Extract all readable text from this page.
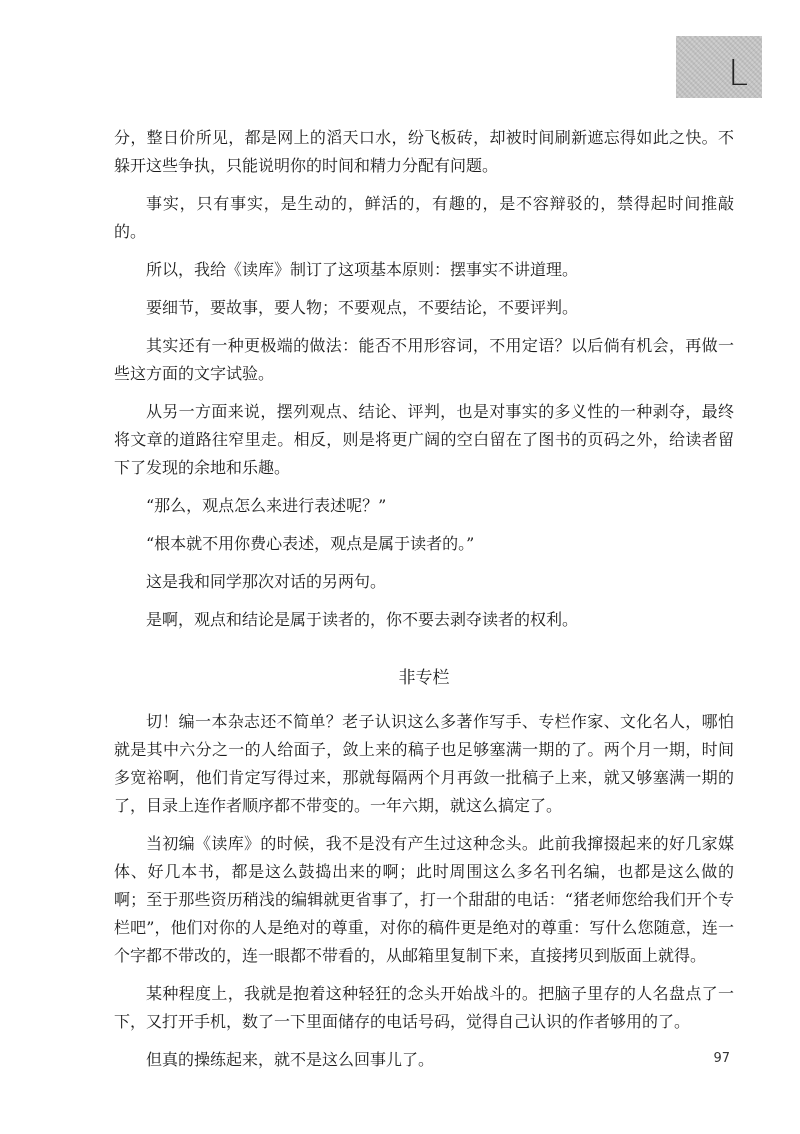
L

分，整日价所见，都是网上的滔天口水，纷飞板砖，却被时间刷新遮忘得如此之快。不躲开这些争执，只能说明你的时间和精力分配有问题。

事实，只有事实，是生动的，鲜活的，有趣的，是不容辩驳的，禁得起时间推敲的。

所以，我给《读库》制订了这项基本原则：摆事实不讲道理。

要细节，要故事，要人物；不要观点，不要结论，不要评判。

其实还有一种更极端的做法：能否不用形容词，不用定语？以后倘有机会，再做一些这方面的文字试验。

从另一方面来说，摆列观点、结论、评判，也是对事实的多义性的一种剥夺，最终将文章的道路往窄里走。相反，则是将更广阔的空白留在了图书的页码之外，给读者留下了发现的余地和乐趣。

“那么，观点怎么来进行表述呢？”

“根本就不用你费心表述，观点是属于读者的。”

这是我和同学那次对话的另两句。

是啊，观点和结论是属于读者的，你不要去剥夺读者的权利。

非专栏

切！编一本杂志还不简单？老子认识这么多著作写手、专栏作家、文化名人，哪怕就是其中六分之一的人给面子，敛上来的稿子也足够塞满一期的了。两个月一期，时间多宽裕啊，他们肯定写得过来，那就每隔两个月再敛一批稿子上来，就又够塞满一期的了，目录上连作者顺序都不带变的。一年六期，就这么搞定了。

当初编《读库》的时候，我不是没有产生过这种念头。此前我撺掇起来的好几家媒体、好几本书，都是这么鼓捣出来的啊；此时周围这么多名刊名编，也都是这么做的啊；至于那些资历稍浅的编辑就更省事了，打一个甜甜的电话：“猪老师您给我们开个专栏吧”，他们对你的人是绝对的尊重，对你的稿件更是绝对的尊重：写什么您随意，连一个字都不带改的，连一眼都不带看的，从邮箱里复制下来，直接拷贝到版面上就得。

某种程度上，我就是抱着这种轻狂的念头开始战斗的。把脑子里存的人名盘点了一下，又打开手机，数了一下里面储存的电话号码，觉得自己认识的作者够用的了。

但真的操练起来，就不是这么回事儿了。	97
